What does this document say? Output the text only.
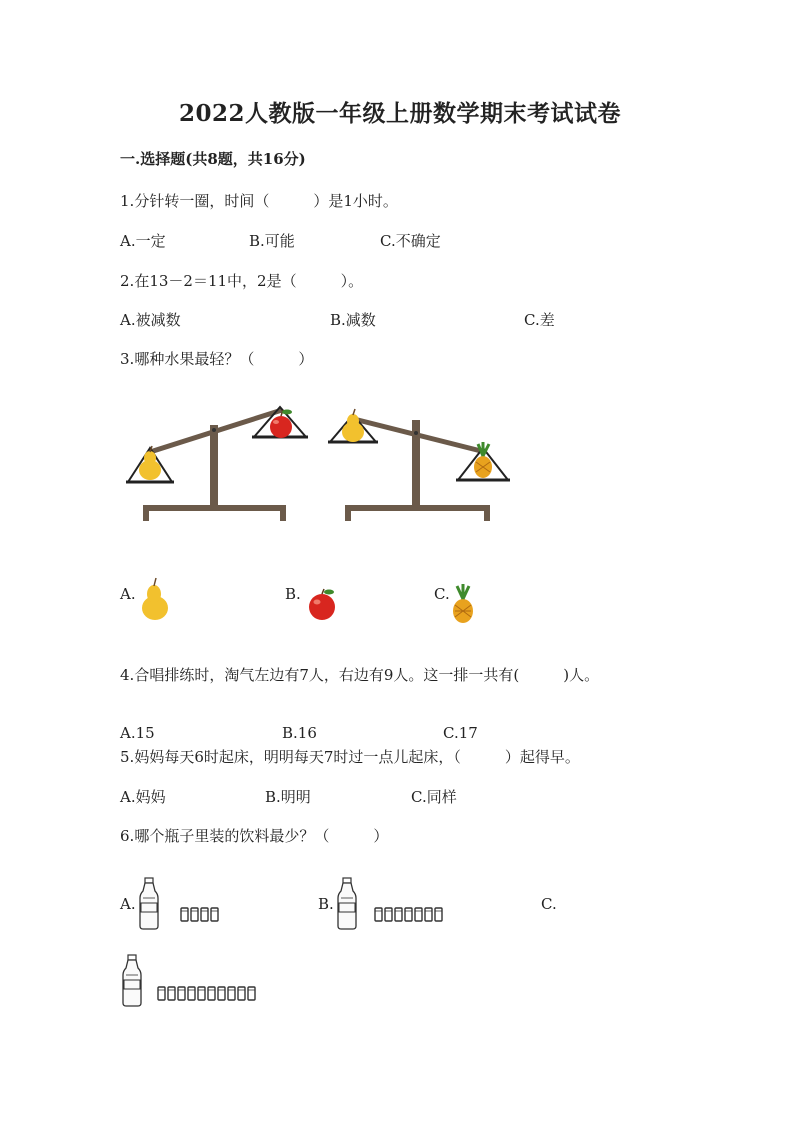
2022人教版一年级上册数学期末考试试卷
一.选择题(共8题，共16分)
1.分针转一圈，时间（	）是1小时。
A.一定	B.可能	C.不确定
2.在13－2＝11中，2是（	）。
A.被减数	B.减数	C.差
3.哪种水果最轻？（	）
A.	B.	C.
4.合唱排练时，淘气左边有7人，右边有9人。这一排一共有(	)人。
A.15	B.16	C.17
5.妈妈每天6时起床，明明每天7时过一点儿起床，（	）起得早。
A.妈妈	B.明明	C.同样
6.哪个瓶子里装的饮料最少？（	）
A.	B.	C.
